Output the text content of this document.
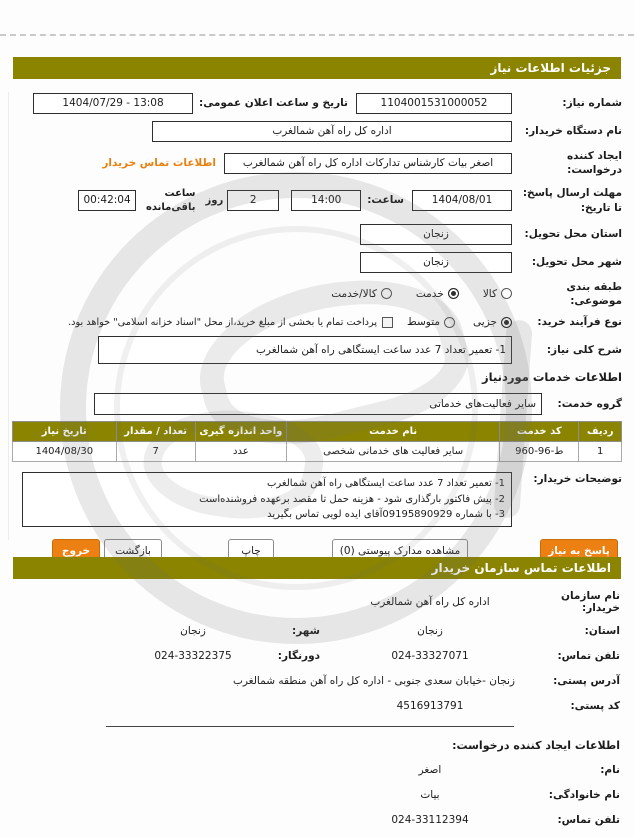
جزئیات اطلاعات نیاز
شماره نیاز:
1104001531000052
تاریخ و ساعت اعلان عمومی:
1404/07/29 - 13:08
نام دستگاه خریدار:
اداره کل راه آهن شمالغرب
ایجاد کننده درخواست:
اصغر بیات کارشناس تدارکات اداره کل راه آهن شمالغرب
اطلاعات تماس خریدار
مهلت ارسال پاسخ: تا تاریخ:
1404/08/01
ساعت:
14:00
2
روز
ساعت باقی‌مانده
00:42:04
استان محل تحویل:
زنجان
شهر محل تحویل:
زنجان
طبقه بندی موضوعی:
کالا
خدمت
کالا/خدمت
نوع فرآیند خرید:
جزیی
متوسط
پرداخت تمام یا بخشی از مبلغ خرید،از محل "اسناد خزانه اسلامی" خواهد بود.
شرح کلی نیاز:
1- تعمیر تعداد 7 عدد ساعت ایستگاهی راه آهن شمالغرب
اطلاعات خدمات موردنیاز
گروه خدمت:
سایر فعالیت‌های خدماتی
ردیف	کد خدمت	نام خدمت	واحد اندازه گیری	تعداد / مقدار	تاریخ نیاز
1	ط-96-960	سایر فعالیت های خدمانی شخصی	عدد	7	1404/08/30
توضیحات خریدار:
1- تعمیر تعداد 7 عدد ساعت ایستگاهی راه آهن شمالغرب
2- پیش فاکتور بارگذاری شود - هزینه حمل تا مقصد برعهده فروشنده‌است
3- با شماره 09195890929آقای ایده لویی تماس بگیرید
پاسخ به نیاز
مشاهده مدارک پیوستی (0)
چاپ
بازگشت
خروج
اطلاعات تماس سازمان خریدار
نام سازمان خریدار:
اداره کل راه آهن شمالغرب
استان:
زنجان
شهر:
زنجان
تلفن تماس:
024-33327071
دورنگار:
024-33322375
آدرس پستی:
زنجان -خیابان سعدی جنوبی - اداره کل راه آهن منطقه شمالغرب
کد پستی:
4516913791
اطلاعات ایجاد کننده درخواست:
نام:
اصغر
نام خانوادگی:
بیات
تلفن تماس:
024-33112394
